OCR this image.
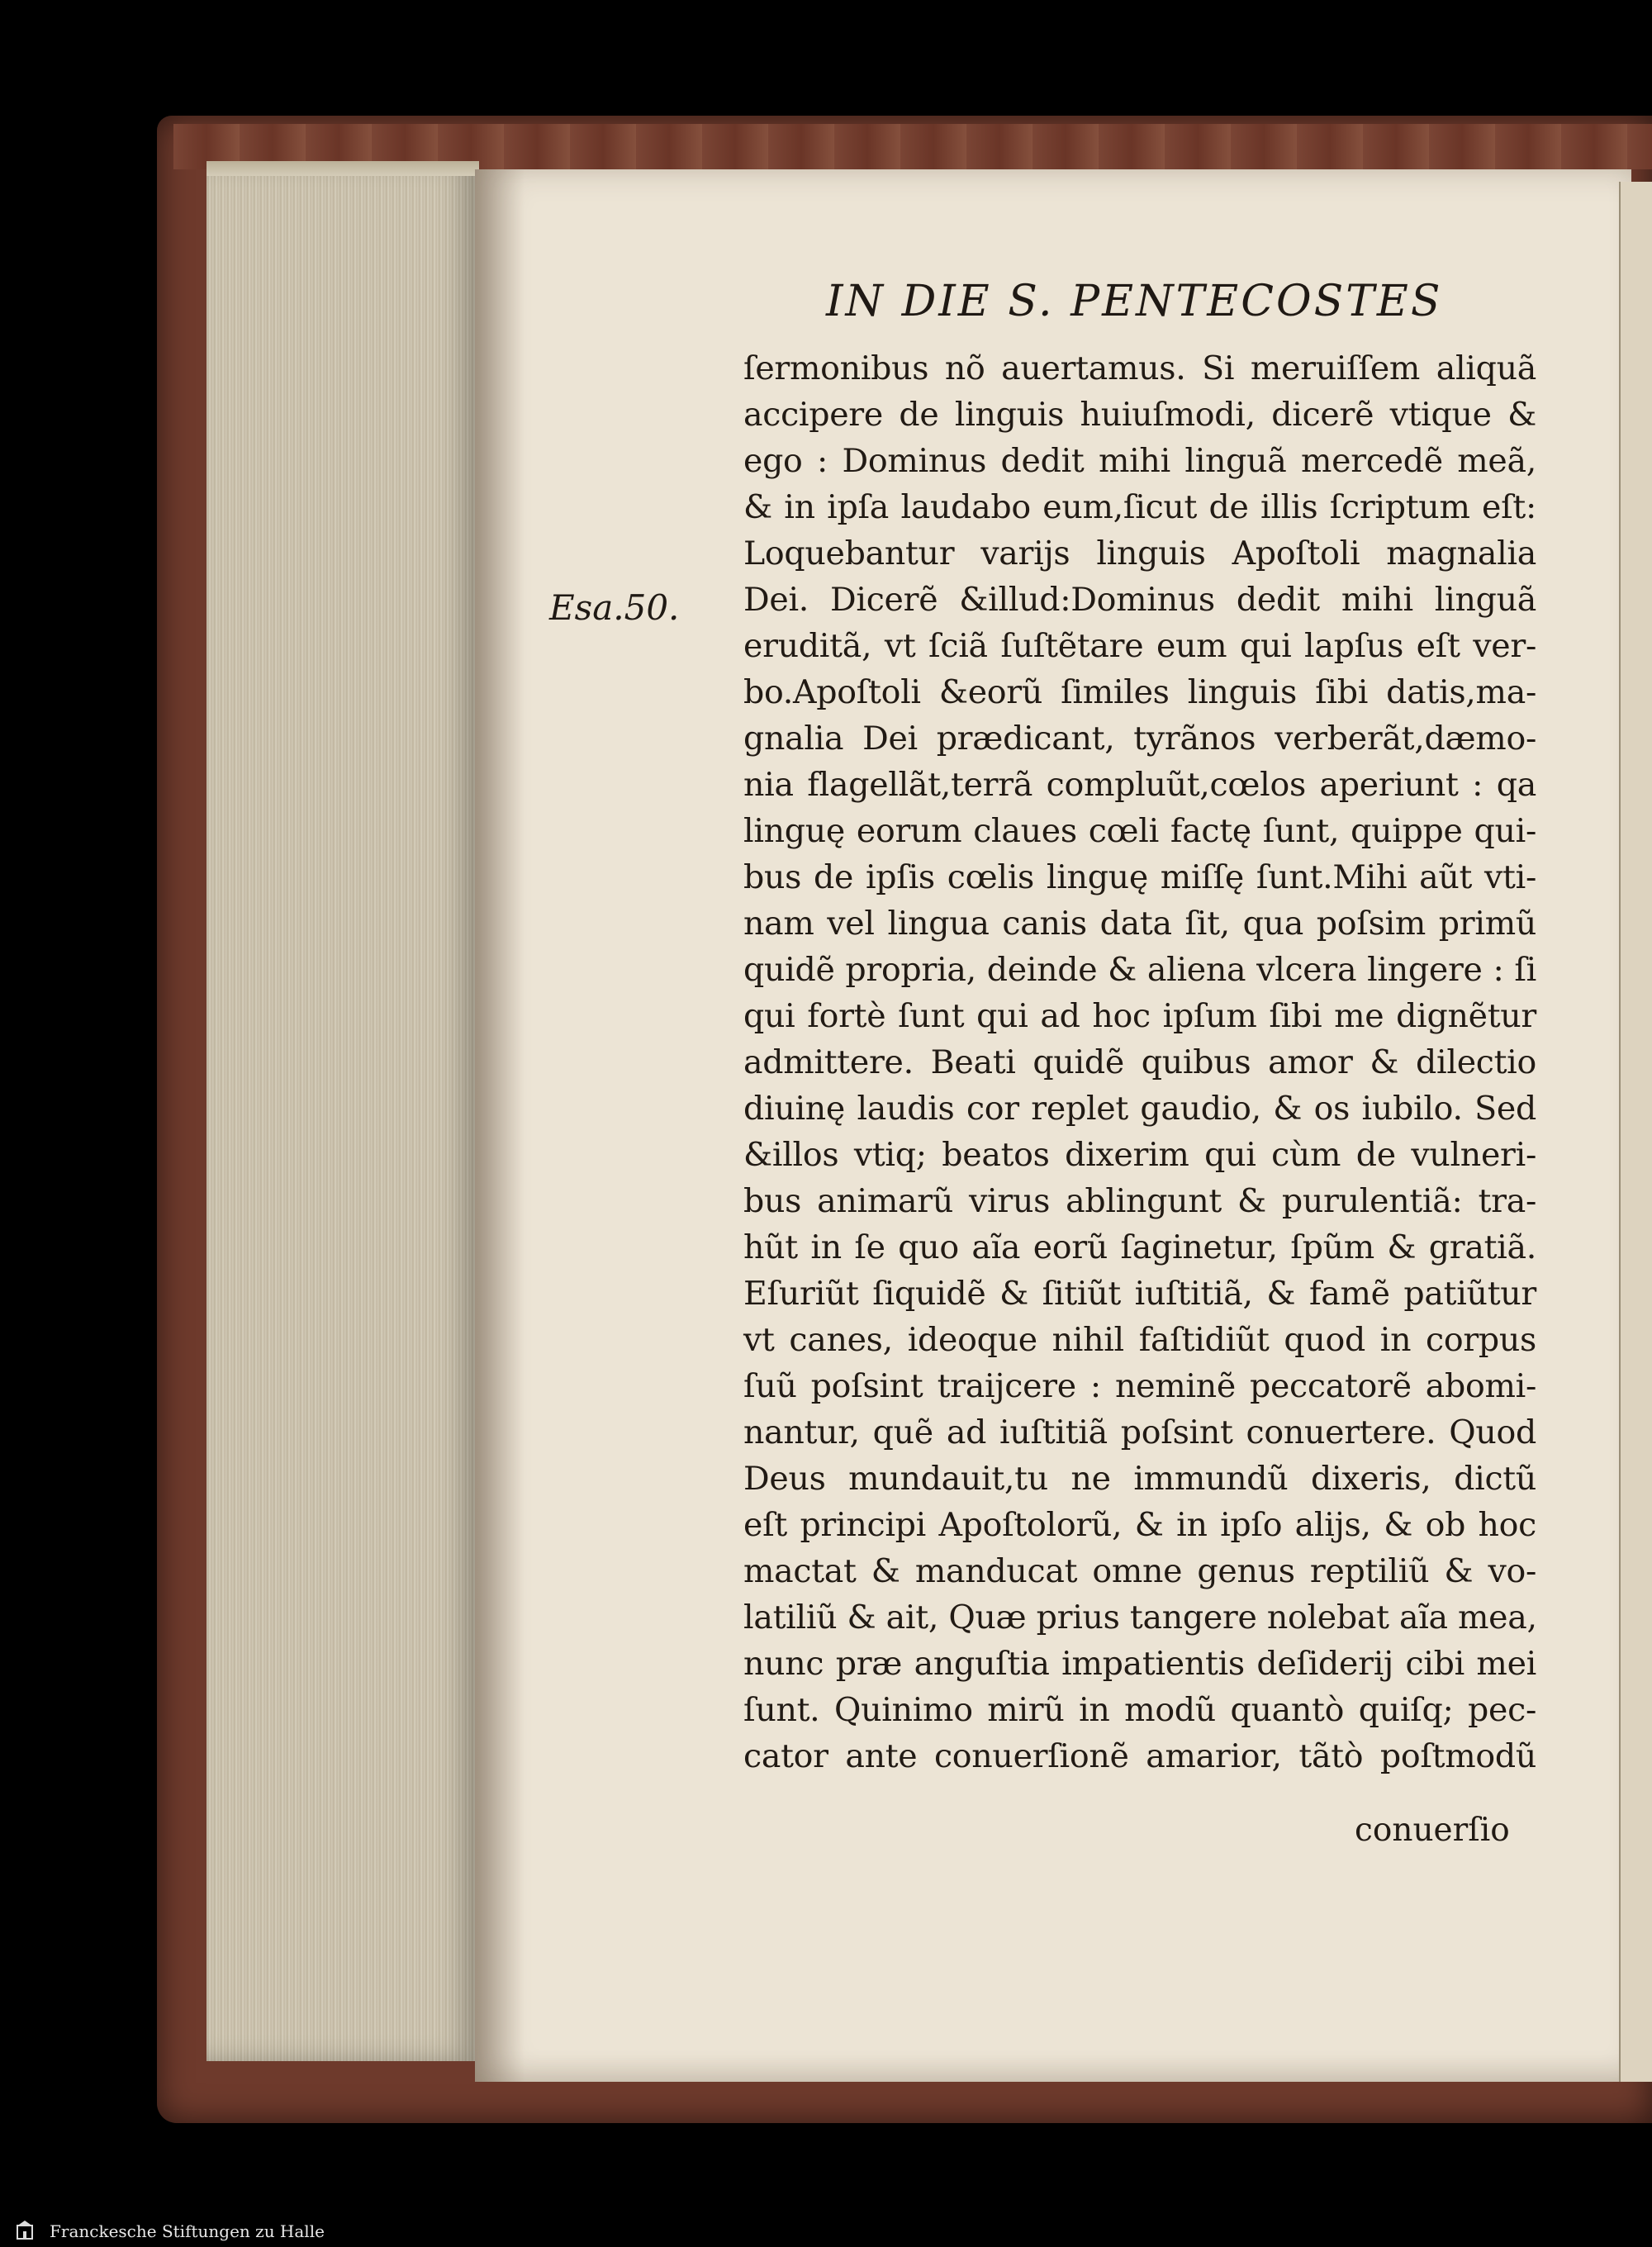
IN DIE S. PENTECOSTES
Esa.50.
ſermonibus nõ auertamus. Si meruiſſem aliquã
accipere de linguis huiuſmodi, dicerẽ vtique &
ego : Dominus dedit mihi linguã mercedẽ meã,
& in ipſa laudabo eum,ſicut de illis ſcriptum eſt:
Loquebantur varijs linguis Apoſtoli magnalia
Dei. Dicerẽ &illud:Dominus dedit mihi linguã
eruditã, vt ſciã ſuſtẽtare eum qui lapſus eſt ver-
bo.Apoſtoli &eorũ ſimiles linguis ſibi datis,ma-
gnalia Dei prædicant, tyrãnos verberãt,dæmo-
nia flagellãt,terrã compluũt,cœlos aperiunt : qa
linguę eorum claues cœli factę ſunt, quippe qui-
bus de ipſis cœlis linguę miſſę ſunt.Mihi aũt vti-
nam vel lingua canis data ſit, qua poſsim primũ
quidẽ propria, deinde & aliena vlcera lingere : ſi
qui fortè ſunt qui ad hoc ipſum ſibi me dignẽtur
admittere. Beati quidẽ quibus amor & dilectio
diuinę laudis cor replet gaudio, & os iubilo. Sed
&illos vtiq; beatos dixerim qui cùm de vulneri-
bus animarũ virus ablingunt & purulentiã: tra-
hũt in ſe quo aĩa eorũ ſaginetur, ſpũm & gratiã.
Eſuriũt ſiquidẽ & ſitiũt iuſtitiã, & famẽ patiũtur
vt canes, ideoque nihil faſtidiũt quod in corpus
ſuũ poſsint traijcere : neminẽ peccatorẽ abomi-
nantur, quẽ ad iuſtitiã poſsint conuertere. Quod
Deus mundauit,tu ne immundũ dixeris, dictũ
eſt principi Apoſtolorũ, & in ipſo alijs, & ob hoc
mactat & manducat omne genus reptiliũ & vo-
latiliũ & ait, Quæ prius tangere nolebat aĩa mea,
nunc præ anguſtia impatientis deſiderij cibi mei
ſunt. Quinimo mirũ in modũ quantò quiſq; pec-
cator ante conuerſionẽ amarior, tãtò poſtmodũ
conuerſio
Franckesche Stiftungen zu Halle
